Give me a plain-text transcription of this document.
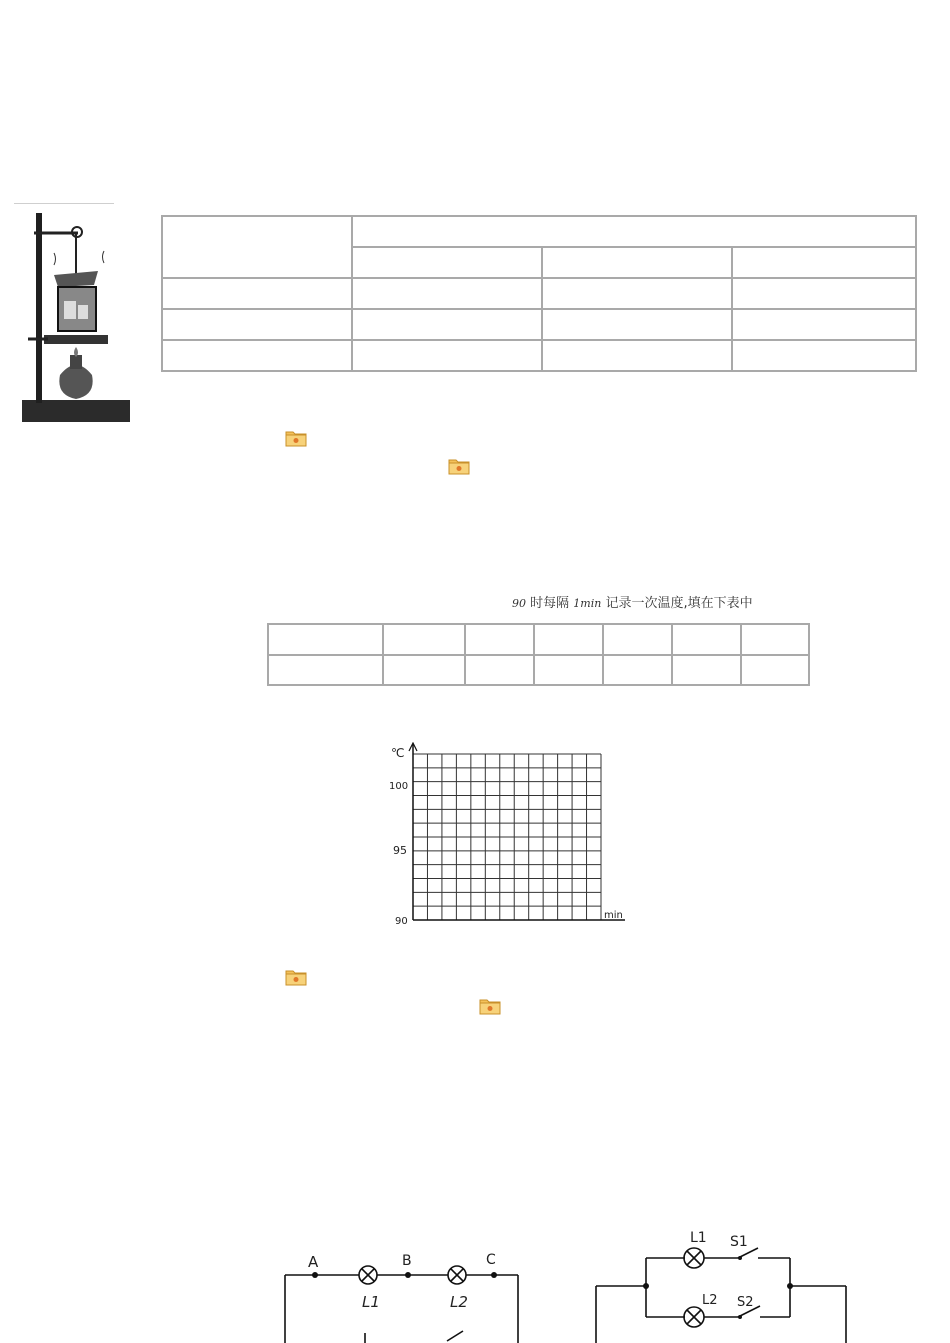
90 时每隔 1min 记录一次温度,填在下表中

℃
100
95
90
min
A	B	C
L1	L2
L1 S1
L2 S2
